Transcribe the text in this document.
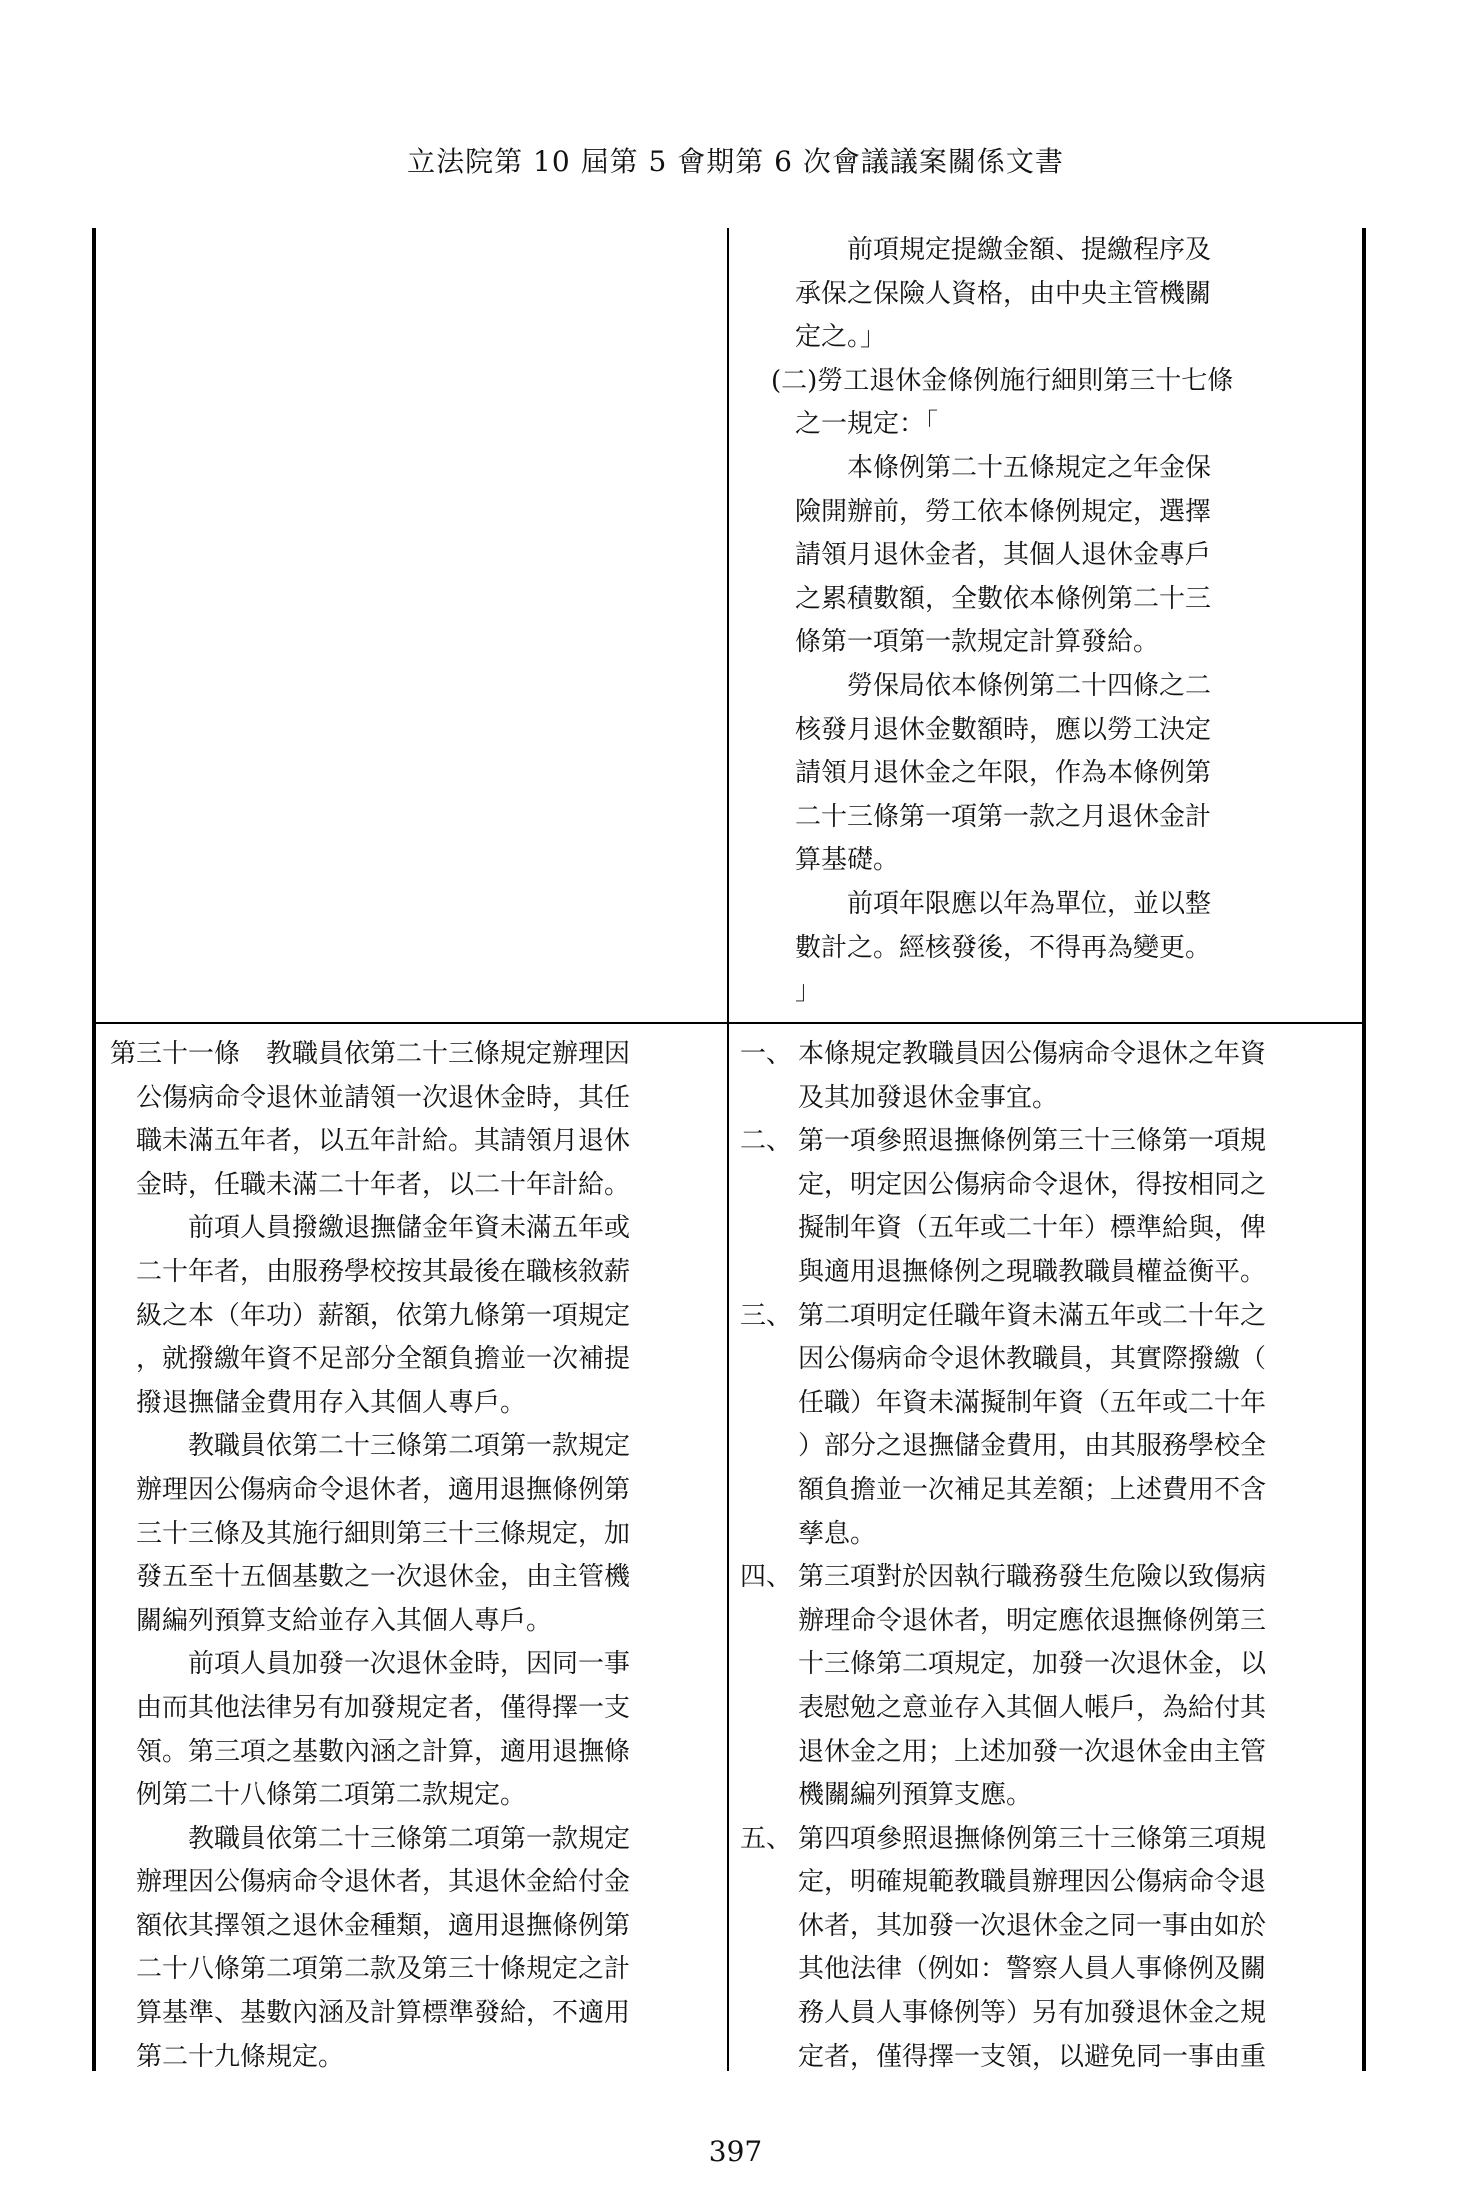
立法院第 10 屆第 5 會期第 6 次會議議案關係文書
前項規定提繳金額、提繳程序及
承保之保險人資格，由中央主管機關
定之。」
(二)勞工退休金條例施行細則第三十七條
之一規定：「
本條例第二十五條規定之年金保
險開辦前，勞工依本條例規定，選擇
請領月退休金者，其個人退休金專戶
之累積數額，全數依本條例第二十三
條第一項第一款規定計算發給。
勞保局依本條例第二十四條之二
核發月退休金數額時，應以勞工決定
請領月退休金之年限，作為本條例第
二十三條第一項第一款之月退休金計
算基礎。
前項年限應以年為單位，並以整
數計之。經核發後，不得再為變更。
」
第三十一條　教職員依第二十三條規定辦理因
公傷病命令退休並請領一次退休金時，其任
職未滿五年者，以五年計給。其請領月退休
金時，任職未滿二十年者，以二十年計給。
前項人員撥繳退撫儲金年資未滿五年或
二十年者，由服務學校按其最後在職核敘薪
級之本（年功）薪額，依第九條第一項規定
，就撥繳年資不足部分全額負擔並一次補提
撥退撫儲金費用存入其個人專戶。
教職員依第二十三條第二項第一款規定
辦理因公傷病命令退休者，適用退撫條例第
三十三條及其施行細則第三十三條規定，加
發五至十五個基數之一次退休金，由主管機
關編列預算支給並存入其個人專戶。
前項人員加發一次退休金時，因同一事
由而其他法律另有加發規定者，僅得擇一支
領。第三項之基數內涵之計算，適用退撫條
例第二十八條第二項第二款規定。
教職員依第二十三條第二項第一款規定
辦理因公傷病命令退休者，其退休金給付金
額依其擇領之退休金種類，適用退撫條例第
二十八條第二項第二款及第三十條規定之計
算基準、基數內涵及計算標準發給，不適用
第二十九條規定。
一、 本條規定教職員因公傷病命令退休之年資
及其加發退休金事宜。
二、 第一項參照退撫條例第三十三條第一項規
定，明定因公傷病命令退休，得按相同之
擬制年資（五年或二十年）標準給與，俾
與適用退撫條例之現職教職員權益衡平。
三、 第二項明定任職年資未滿五年或二十年之
因公傷病命令退休教職員，其實際撥繳（
任職）年資未滿擬制年資（五年或二十年
）部分之退撫儲金費用，由其服務學校全
額負擔並一次補足其差額；上述費用不含
孳息。
四、 第三項對於因執行職務發生危險以致傷病
辦理命令退休者，明定應依退撫條例第三
十三條第二項規定，加發一次退休金，以
表慰勉之意並存入其個人帳戶，為給付其
退休金之用；上述加發一次退休金由主管
機關編列預算支應。
五、 第四項參照退撫條例第三十三條第三項規
定，明確規範教職員辦理因公傷病命令退
休者，其加發一次退休金之同一事由如於
其他法律（例如：警察人員人事條例及關
務人員人事條例等）另有加發退休金之規
定者，僅得擇一支領，以避免同一事由重
397
